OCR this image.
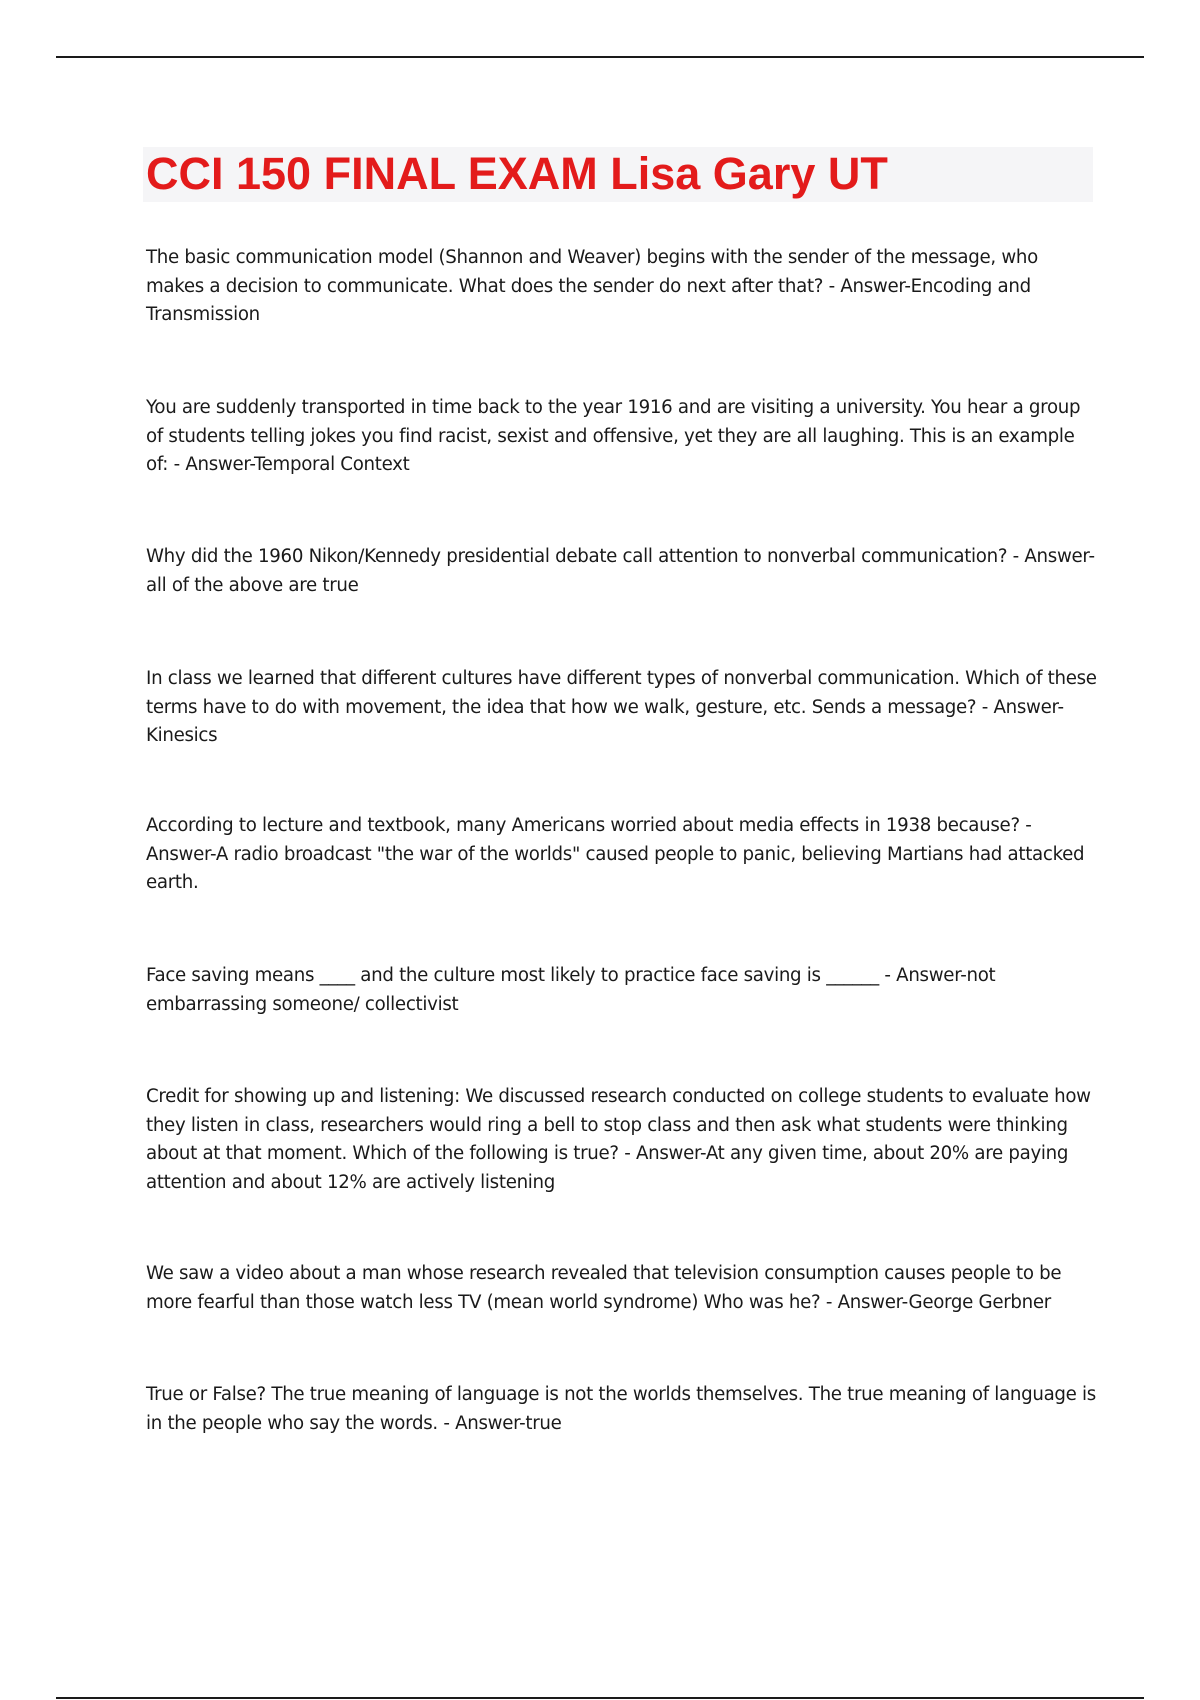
CCI 150 FINAL EXAM Lisa Gary UT

The basic communication model (Shannon and Weaver) begins with the sender of the message, who makes a decision to communicate. What does the sender do next after that? - Answer-Encoding and Transmission

You are suddenly transported in time back to the year 1916 and are visiting a university. You hear a group of students telling jokes you find racist, sexist and offensive, yet they are all laughing. This is an example of: - Answer-Temporal Context

Why did the 1960 Nikon/Kennedy presidential debate call attention to nonverbal communication? - Answer-all of the above are true

In class we learned that different cultures have different types of nonverbal communication. Which of these terms have to do with movement, the idea that how we walk, gesture, etc. Sends a message? - Answer-Kinesics

According to lecture and textbook, many Americans worried about media effects in 1938 because? - Answer-A radio broadcast "the war of the worlds" caused people to panic, believing Martians had attacked earth.

Face saving means ____ and the culture most likely to practice face saving is ______ - Answer-not embarrassing someone/ collectivist

Credit for showing up and listening: We discussed research conducted on college students to evaluate how they listen in class, researchers would ring a bell to stop class and then ask what students were thinking about at that moment. Which of the following is true? - Answer-At any given time, about 20% are paying attention and about 12% are actively listening

We saw a video about a man whose research revealed that television consumption causes people to be more fearful than those watch less TV (mean world syndrome) Who was he? - Answer-George Gerbner

True or False? The true meaning of language is not the worlds themselves. The true meaning of language is in the people who say the words. - Answer-true
